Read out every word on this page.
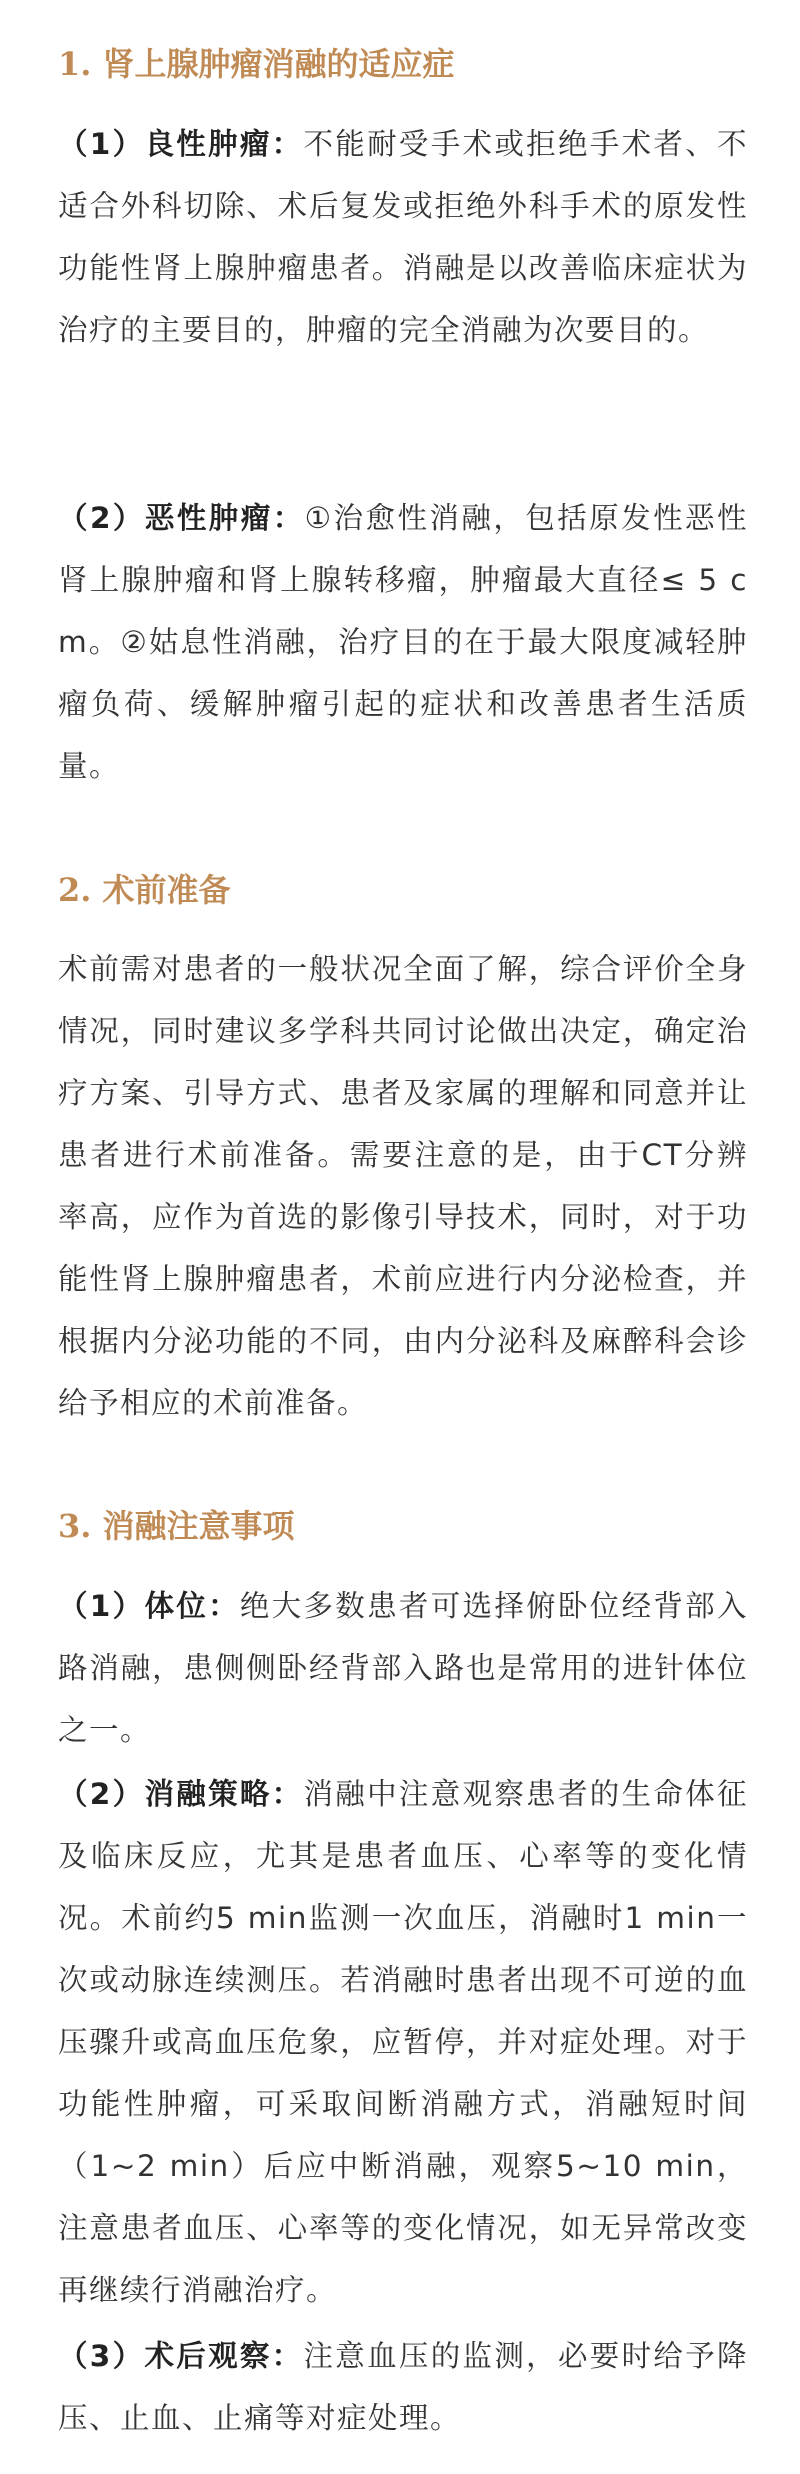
1. 肾上腺肿瘤消融的适应症
（1）良性肿瘤：不能耐受手术或拒绝手术者、不适合外科切除、术后复发或拒绝外科手术的原发性功能性肾上腺肿瘤患者。消融是以改善临床症状为治疗的主要目的，肿瘤的完全消融为次要目的。
（2）恶性肿瘤：①治愈性消融，包括原发性恶性肾上腺肿瘤和肾上腺转移瘤，肿瘤最大直径≤ 5 cm。②姑息性消融，治疗目的在于最大限度减轻肿瘤负荷、缓解肿瘤引起的症状和改善患者生活质量。
2. 术前准备
术前需对患者的一般状况全面了解，综合评价全身情况，同时建议多学科共同讨论做出决定，确定治疗方案、引导方式、患者及家属的理解和同意并让患者进行术前准备。需要注意的是，由于CT分辨率高，应作为首选的影像引导技术，同时，对于功能性肾上腺肿瘤患者，术前应进行内分泌检查，并根据内分泌功能的不同，由内分泌科及麻醉科会诊给予相应的术前准备。
3. 消融注意事项
（1）体位：绝大多数患者可选择俯卧位经背部入路消融，患侧侧卧经背部入路也是常用的进针体位之一。
（2）消融策略：消融中注意观察患者的生命体征及临床反应，尤其是患者血压、心率等的变化情况。术前约5 min监测一次血压，消融时1 min一次或动脉连续测压。若消融时患者出现不可逆的血压骤升或高血压危象，应暂停，并对症处理。对于功能性肿瘤，可采取间断消融方式，消融短时间（1~2 min）后应中断消融，观察5~10 min，注意患者血压、心率等的变化情况，如无异常改变再继续行消融治疗。
（3）术后观察：注意血压的监测，必要时给予降压、止血、止痛等对症处理。
